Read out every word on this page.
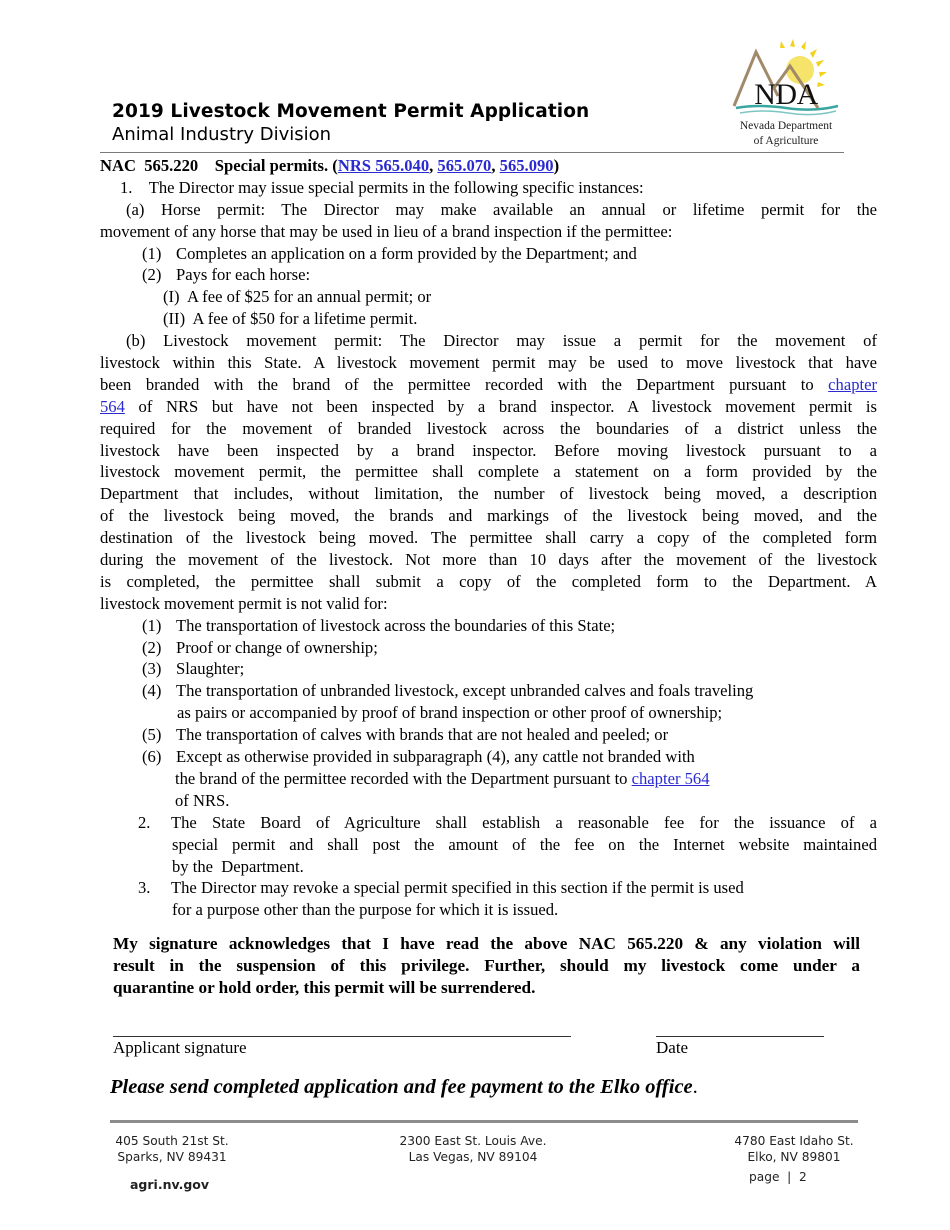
2019 Livestock Movement Permit Application
Animal Industry Division
NDA
Nevada Department
of Agriculture
NAC  565.220 Special permits. (NRS 565.040, 565.070, 565.090)
1.    The Director may issue special permits in the following specific instances:
(a) Horse permit: The Director may make available an annual or lifetime permit for the
movement of any horse that may be used in lieu of a brand inspection if the permittee:
(1) Completes an application on a form provided by the Department; and
(2) Pays for each horse:
(I) A fee of $25 for an annual permit; or
(II) A fee of $50 for a lifetime permit.
(b) Livestock movement permit: The Director may issue a permit for the movement of
livestock within this State. A livestock movement permit may be used to move livestock that have
been branded with the brand of the permittee recorded with the Department pursuant to chapter
564 of NRS but have not been inspected by a brand inspector. A livestock movement permit is
required for the movement of branded livestock across the boundaries of a district unless the
livestock have been inspected by a brand inspector. Before moving livestock pursuant to a
livestock movement permit, the permittee shall complete a statement on a form provided by the
Department that includes, without limitation, the number of livestock being moved, a description
of the livestock being moved, the brands and markings of the livestock being moved, and the
destination of the livestock being moved. The permittee shall carry a copy of the completed form
during the movement of the livestock. Not more than 10 days after the movement of the livestock
is completed, the permittee shall submit a copy of the completed form to the Department. A
livestock movement permit is not valid for:
(1) The transportation of livestock across the boundaries of this State;
(2) Proof or change of ownership;
(3) Slaughter;
(4) The transportation of unbranded livestock, except unbranded calves and foals traveling
as pairs or accompanied by proof of brand inspection or other proof of ownership;
(5) The transportation of calves with brands that are not healed and peeled; or
(6) Except as otherwise provided in subparagraph (4), any cattle not branded with
the brand of the permittee recorded with the Department pursuant to chapter 564
of NRS.
2. The State Board of Agriculture shall establish a reasonable fee for the issuance of a
special permit and shall post the amount of the fee on the Internet website maintained
by the  Department.
3. The Director may revoke a special permit specified in this section if the permit is used
for a purpose other than the purpose for which it is issued.
My signature acknowledges that I have read the above NAC 565.220 & any violation will
result in the suspension of this privilege. Further, should my livestock come under a
quarantine or hold order, this permit will be surrendered.
Applicant signature	Date
Please send completed application and fee payment to the Elko office.
405 South 21st St.
Sparks, NV 89431
2300 East St. Louis Ave.
Las Vegas, NV 89104
4780 East Idaho St.
Elko, NV 89801
agri.nv.gov	page  |  2
